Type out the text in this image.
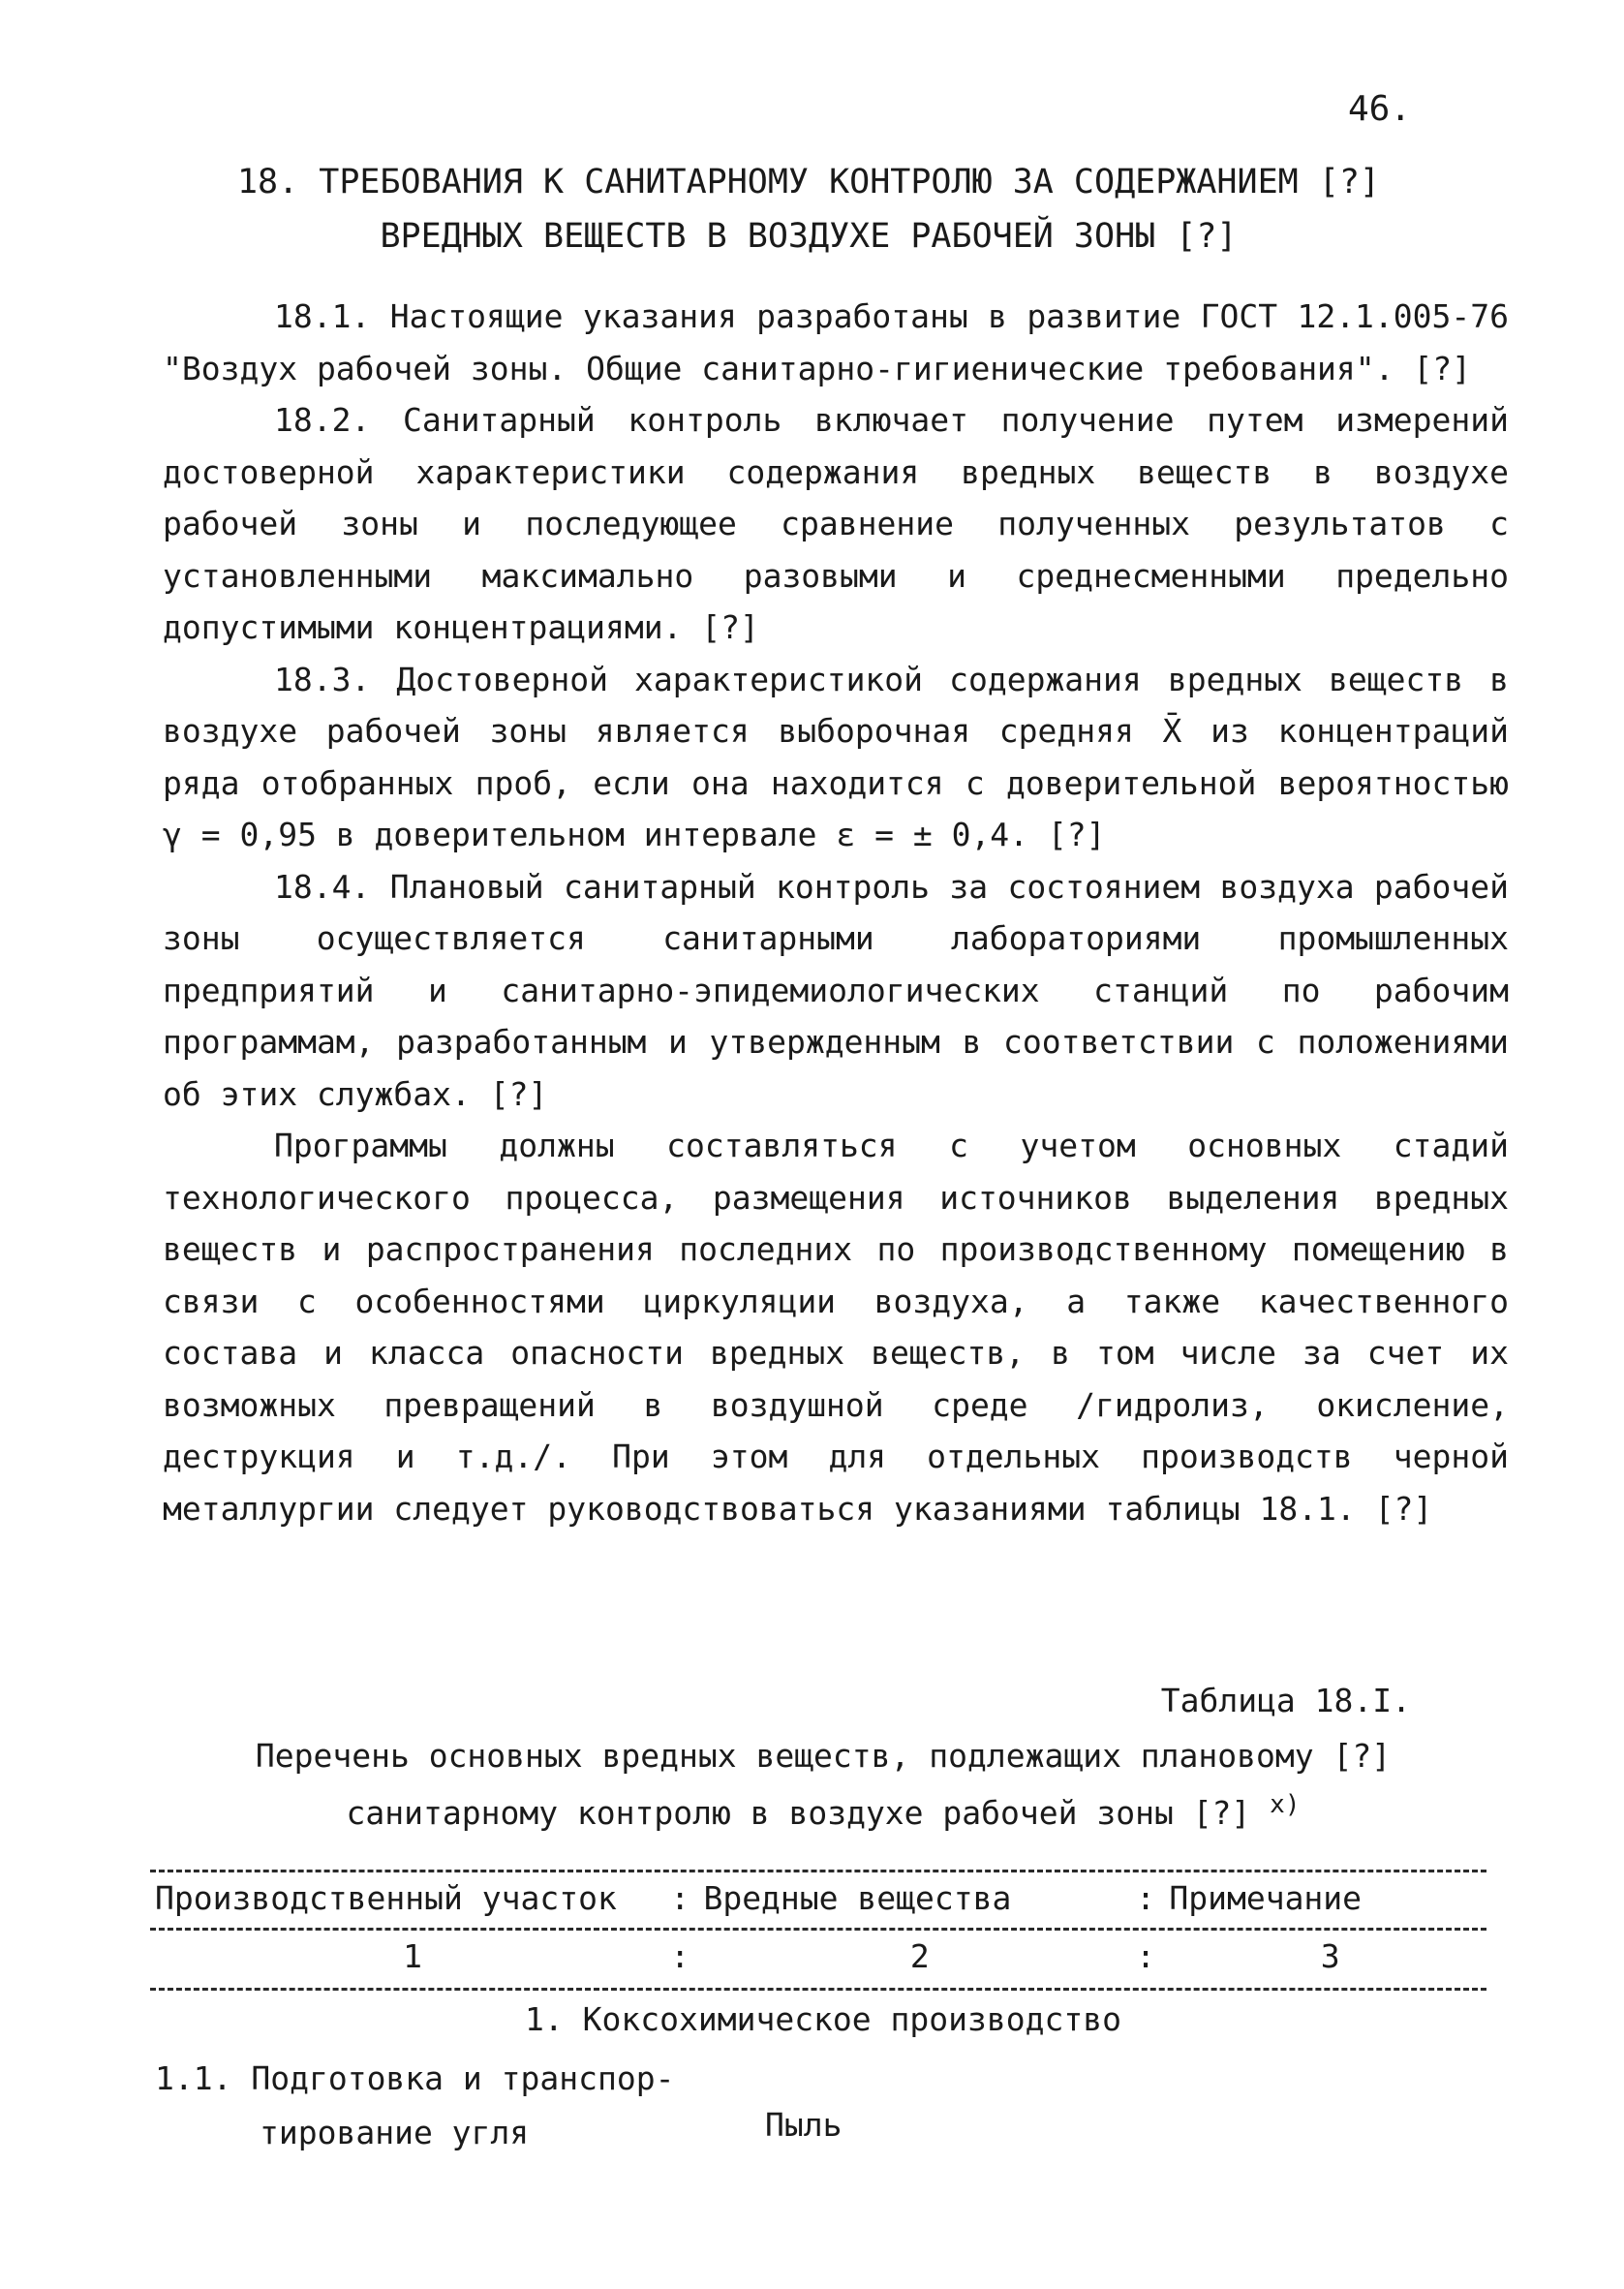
46.
18. ТРЕБОВАНИЯ К САНИТАРНОМУ КОНТРОЛЮ ЗА СОДЕРЖАНИЕМ [?]
ВРЕДНЫХ ВЕЩЕСТВ В ВОЗДУХЕ РАБОЧЕЙ ЗОНЫ [?]

18.1. Настоящие указания разработаны в развитие ГОСТ 12.1.005-76 "Воздух рабочей зоны. Общие санитарно-гигиенические требования". [?]

18.2. Санитарный контроль включает получение путем измерений достоверной характеристики содержания вредных веществ в воздухе рабочей зоны и последующее сравнение полученных результатов с установленными максимально разовыми и среднесменными предельно допустимыми концентрациями. [?]

18.3. Достоверной характеристикой содержания вредных веществ в воздухе рабочей зоны является выборочная средняя X̄ из концентраций ряда отобранных проб, если она находится с доверительной вероятностью γ = 0,95 в доверительном интервале ε = ± 0,4. [?]

18.4. Плановый санитарный контроль за состоянием воздуха рабочей зоны осуществляется санитарными лабораториями промышленных предприятий и санитарно-эпидемиологических станций по рабочим программам, разработанным и утвержденным в соответствии с положениями об этих службах. [?]

Программы должны составляться с учетом основных стадий технологического процесса, размещения источников выделения вредных веществ и распространения последних по производственному помещению в связи с особенностями циркуляции воздуха, а также качественного состава и класса опасности вредных веществ, в том числе за счет их возможных превращений в воздушной среде /гидролиз, окисление, деструкция и т.д./. При этом для отдельных производств черной металлургии следует руководствоваться указаниями таблицы 18.1. [?]

Таблица 18.I.
Перечень основных вредных веществ, подлежащих плановому [?]
санитарному контролю в воздухе рабочей зоны [?] $^{x)}$
Производственный участок	: Вредные вещества	: Примечание
1	:	2	:	3
1. Коксохимическое производство
1.1. Подготовка и транспор-
тирование угля	Пыль
